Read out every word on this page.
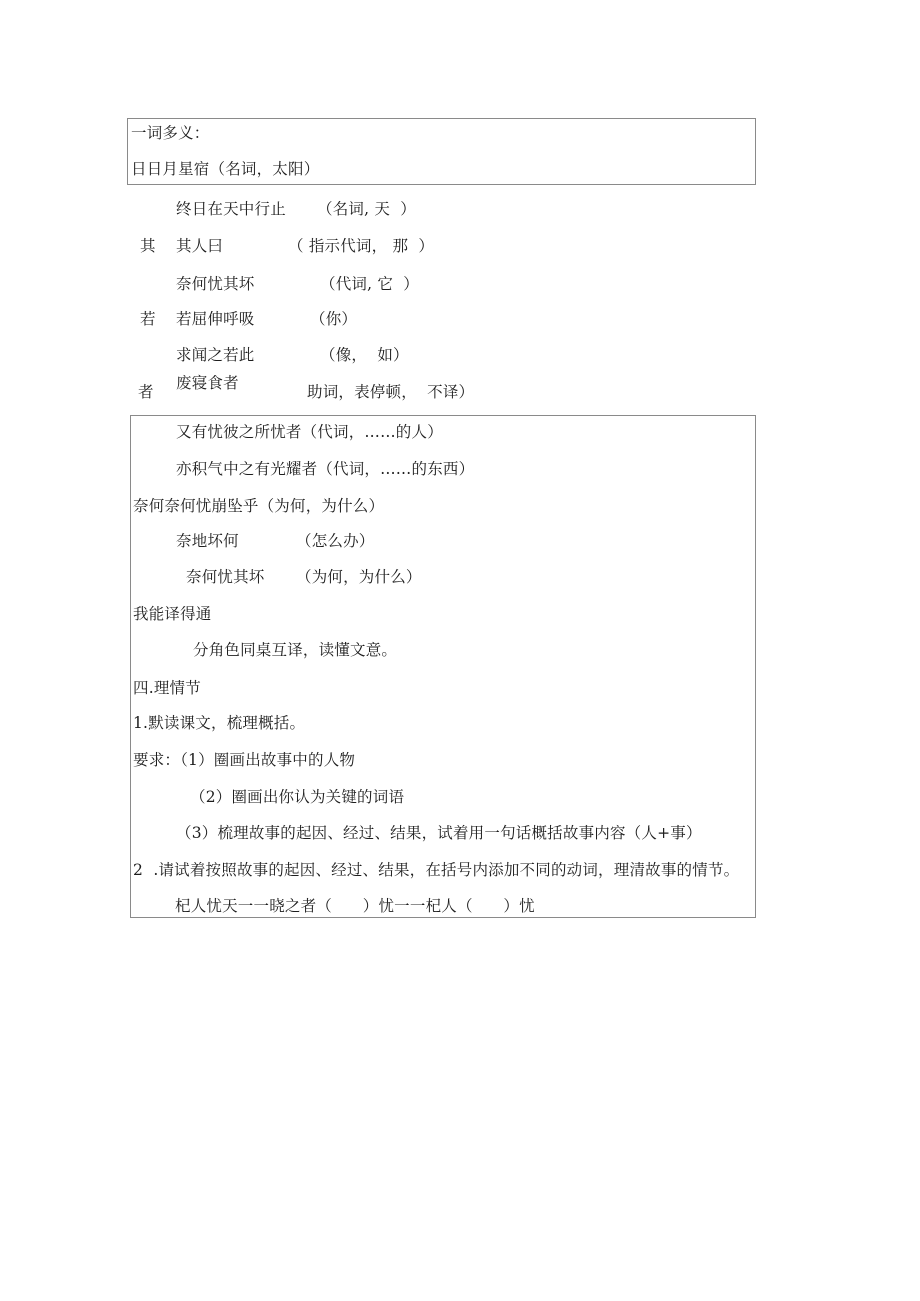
一词多义：
日日月星宿（名词，太阳）
终日在天中行止 （名词, 天  ）
其 其人曰	（ 指示代词， 那  ）
奈何忧其坏	（代词, 它  ）
若 若屈伸呼吸	（你）
求闻之若此	（像，  如）
者 废寝食者	助词，表停顿，  不译）
又有忧彼之所忧者（代词，……的人）
亦积气中之有光耀者（代词，……的东西）
奈何奈何忧崩坠乎（为何，为什么）
奈地坏何	（怎么办）
奈何忧其坏 （为何，为什么）
我能译得通
分角色同桌互译，读懂文意。
四.理情节
1.默读课文，梳理概括。
要求：（1）圈画出故事中的人物
（2）圈画出你认为关键的词语
（3）梳理故事的起因、经过、结果，试着用一句话概括故事内容（人+事）
2  .请试着按照故事的起因、经过、结果，在括号内添加不同的动词，理清故事的情节。
杞人忧天一一晓之者（      ）忧一一杞人（      ）忧
